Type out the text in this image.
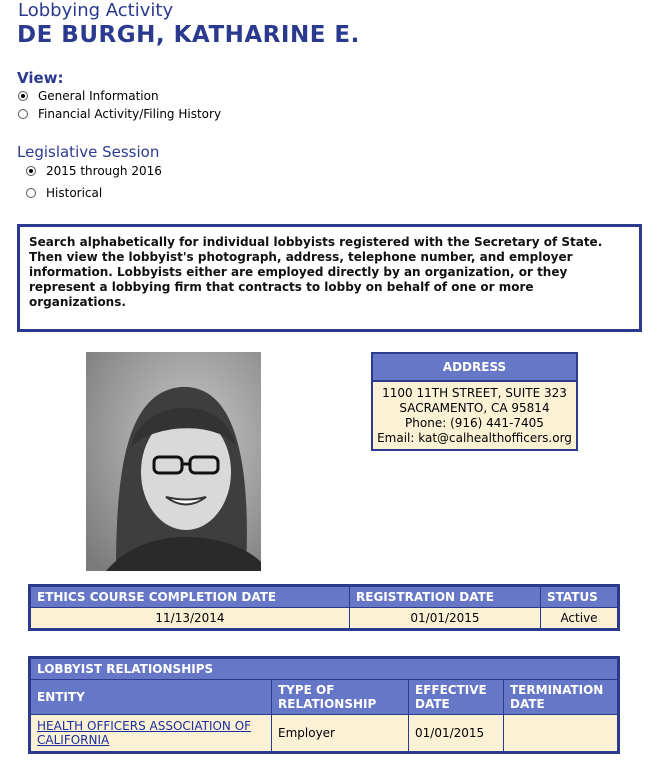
Lobbying Activity
DE BURGH, KATHARINE E.
View:
General Information
Financial Activity/Filing History
Legislative Session
2015 through 2016
Historical
Search alphabetically for individual lobbyists registered with the Secretary of State. Then view the lobbyist's photograph, address, telephone number, and employer information. Lobbyists either are employed directly by an organization, or they represent a lobbying firm that contracts to lobby on behalf of one or more organizations.
ADDRESS
1100 11TH STREET, SUITE 323
SACRAMENTO, CA 95814
Phone: (916) 441-7405
Email: kat@calhealthofficers.org
ETHICS COURSE COMPLETION DATE	REGISTRATION DATE	STATUS
11/13/2014	01/01/2015	Active
LOBBYIST RELATIONSHIPS			
ENTITY	TYPE OF RELATIONSHIP	EFFECTIVE DATE	TERMINATION DATE
HEALTH OFFICERS ASSOCIATION OF CALIFORNIA	Employer	01/01/2015	
